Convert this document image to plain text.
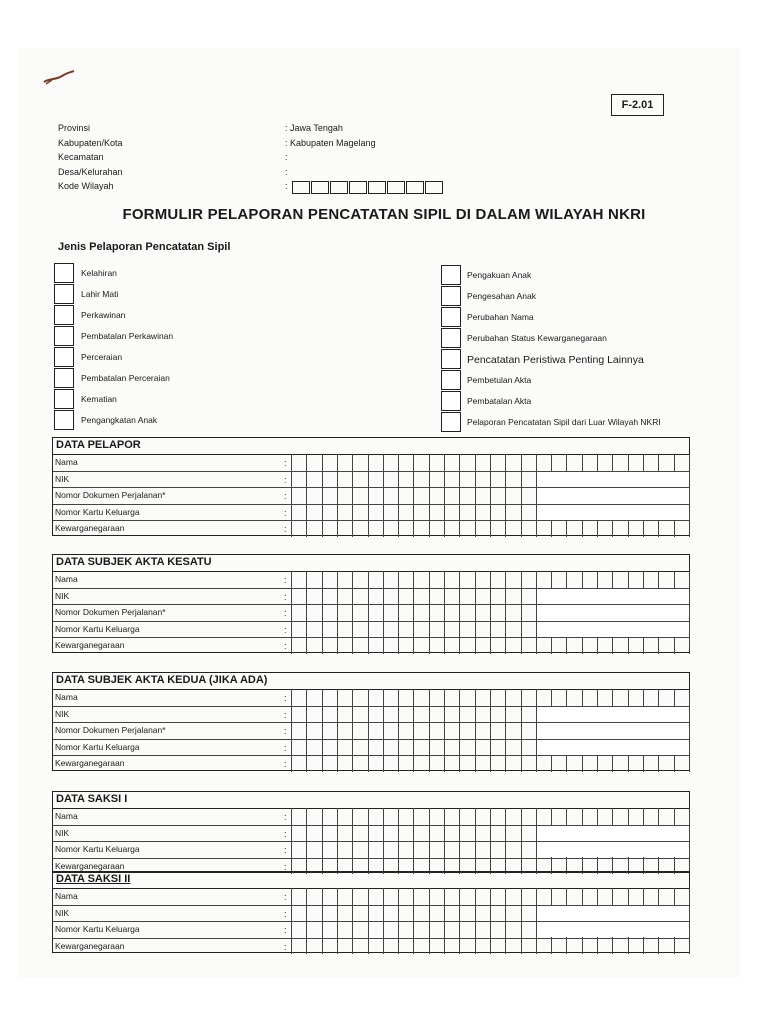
F-2.01
Provinsi	: Jawa Tengah
Kabupaten/Kota	: Kabupaten Magelang
Kecamatan	:
Desa/Kelurahan	:
Kode Wilayah	:
FORMULIR PELAPORAN PENCATATAN SIPIL DI DALAM WILAYAH NKRI
Jenis Pelaporan Pencatatan Sipil
Kelahiran
Lahir Mati
Perkawinan
Pembatalan Perkawinan
Perceraian
Pembatalan Perceraian
Kematian
Pengangkatan Anak
Pengakuan Anak
Pengesahan Anak
Perubahan Nama
Perubahan Status Kewarganegaraan
Pencatatan Peristiwa Penting Lainnya
Pembetulan Akta
Pembatalan Akta
Pelaporan Pencatatan Sipil dari Luar Wilayah NKRI
DATA PELAPOR
Nama	:
NIK	:
Nomor Dokumen Perjalanan*	:
Nomor Kartu Keluarga	:
Kewarganegaraan	:
DATA SUBJEK AKTA KESATU
Nama	:
NIK	:
Nomor Dokumen Perjalanan*	:
Nomor Kartu Keluarga	:
Kewarganegaraan	:
DATA SUBJEK AKTA KEDUA (JIKA ADA)
Nama	:
NIK	:
Nomor Dokumen Perjalanan*	:
Nomor Kartu Keluarga	:
Kewarganegaraan	:
DATA SAKSI I
Nama	:
NIK	:
Nomor Kartu Keluarga	:
Kewarganegaraan	:
DATA SAKSI II
Nama	:
NIK	:
Nomor Kartu Keluarga	:
Kewarganegaraan	:
